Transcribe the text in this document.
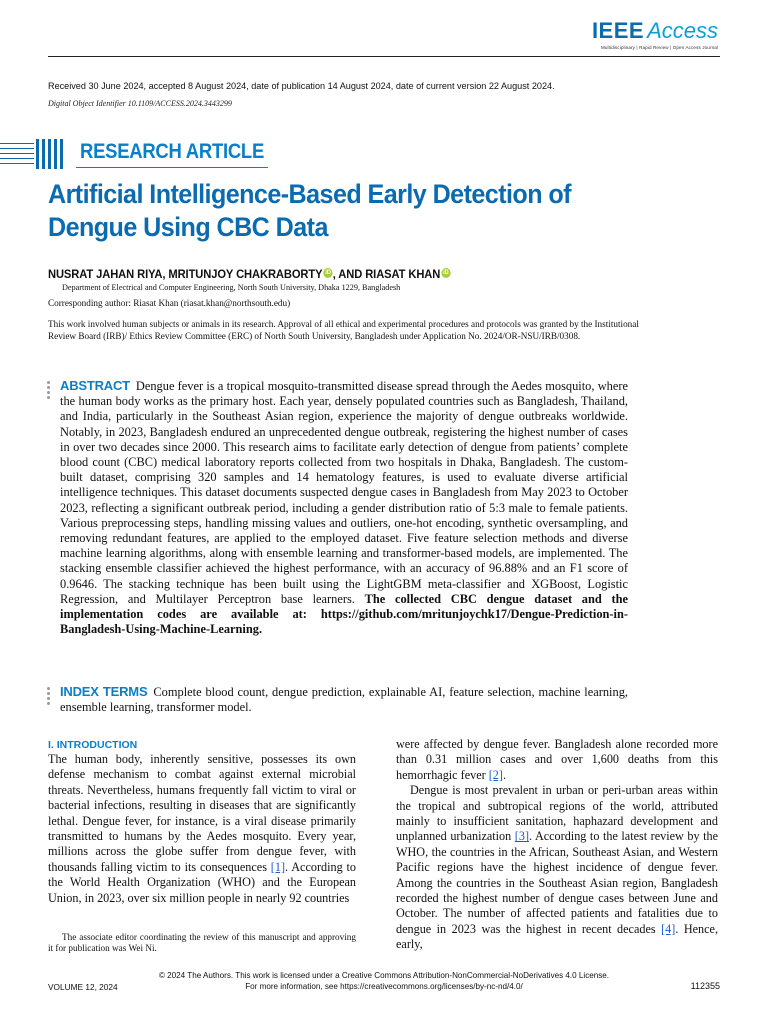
IEEE Access
Multidisciplinary | Rapid Review | Open Access Journal
Received 30 June 2024, accepted 8 August 2024, date of publication 14 August 2024, date of current version 22 August 2024.
Digital Object Identifier 10.1109/ACCESS.2024.3443299
RESEARCH ARTICLE
Artificial Intelligence-Based Early Detection of Dengue Using CBC Data
NUSRAT JAHAN RIYA, MRITUNJOY CHAKRABORTY iD , AND RIASAT KHAN iD
Department of Electrical and Computer Engineering, North South University, Dhaka 1229, Bangladesh
Corresponding author: Riasat Khan (riasat.khan@northsouth.edu)
This work involved human subjects or animals in its research. Approval of all ethical and experimental procedures and protocols was granted by the Institutional Review Board (IRB)/ Ethics Review Committee (ERC) of North South University, Bangladesh under Application No. 2024/OR-NSU/IRB/0308.
ABSTRACT Dengue fever is a tropical mosquito-transmitted disease spread through the Aedes mosquito, where the human body works as the primary host. Each year, densely populated countries such as Bangladesh, Thailand, and India, particularly in the Southeast Asian region, experience the majority of dengue outbreaks worldwide. Notably, in 2023, Bangladesh endured an unprecedented dengue outbreak, registering the highest number of cases in over two decades since 2000. This research aims to facilitate early detection of dengue from patients’ complete blood count (CBC) medical laboratory reports collected from two hospitals in Dhaka, Bangladesh. The custom-built dataset, comprising 320 samples and 14 hematology features, is used to evaluate diverse artificial intelligence techniques. This dataset documents suspected dengue cases in Bangladesh from May 2023 to October 2023, reflecting a significant outbreak period, including a gender distribution ratio of 5:3 male to female patients. Various preprocessing steps, handling missing values and outliers, one-hot encoding, synthetic oversampling, and removing redundant features, are applied to the employed dataset. Five feature selection methods and diverse machine learning algorithms, along with ensemble learning and transformer-based models, are implemented. The stacking ensemble classifier achieved the highest performance, with an accuracy of 96.88% and an F1 score of 0.9646. The stacking technique has been built using the LightGBM meta-classifier and XGBoost, Logistic Regression, and Multilayer Perceptron base learners. The collected CBC dengue dataset and the implementation codes are available at: https://github.com/mritunjoychk17/Dengue-Prediction-in-Bangladesh-Using-Machine-Learning.
INDEX TERMS Complete blood count, dengue prediction, explainable AI, feature selection, machine learning, ensemble learning, transformer model.
I. INTRODUCTION
The human body, inherently sensitive, possesses its own defense mechanism to combat against external microbial threats. Nevertheless, humans frequently fall victim to viral or bacterial infections, resulting in diseases that are significantly lethal. Dengue fever, for instance, is a viral disease primarily transmitted to humans by the Aedes mosquito. Every year, millions across the globe suffer from dengue fever, with thousands falling victim to its consequences [1]. According to the World Health Organization (WHO) and the European Union, in 2023, over six million people in nearly 92 countries

were affected by dengue fever. Bangladesh alone recorded more than 0.31 million cases and over 1,600 deaths from this hemorrhagic fever [2].

Dengue is most prevalent in urban or peri-urban areas within the tropical and subtropical regions of the world, attributed mainly to insufficient sanitation, haphazard development and unplanned urbanization [3]. According to the latest review by the WHO, the countries in the African, Southeast Asian, and Western Pacific regions have the highest incidence of dengue fever. Among the countries in the Southeast Asian region, Bangladesh recorded the highest number of dengue cases between June and October. The number of affected patients and fatalities due to dengue in 2023 was the highest in recent decades [4]. Hence, early,

The associate editor coordinating the review of this manuscript and approving it for publication was Wei Ni.
© 2024 The Authors. This work is licensed under a Creative Commons Attribution-NonCommercial-NoDerivatives 4.0 License.
For more information, see https://creativecommons.org/licenses/by-nc-nd/4.0/
VOLUME 12, 2024	112355
